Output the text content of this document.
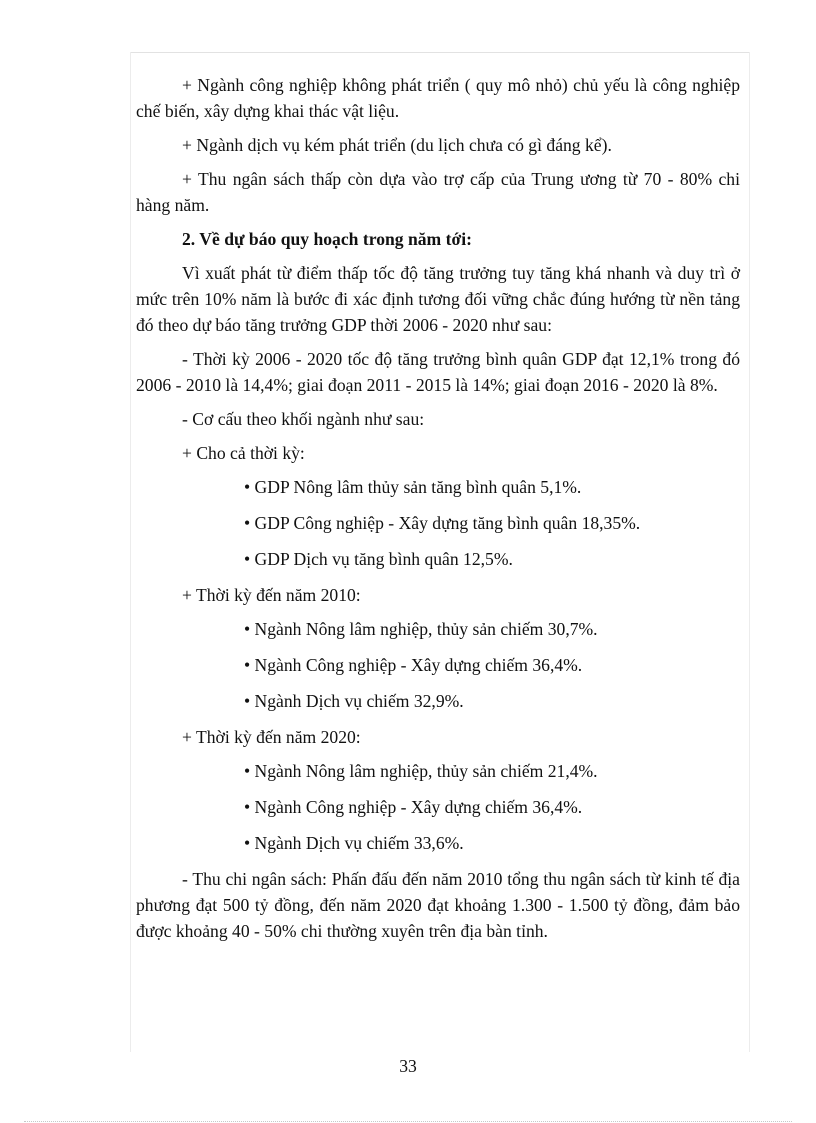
+ Ngành công nghiệp không phát triển ( quy mô nhỏ) chủ yếu là công nghiệp chế biến, xây dựng khai thác vật liệu.

+ Ngành dịch vụ kém phát triển (du lịch chưa có gì đáng kể).

+ Thu ngân sách thấp còn dựa vào trợ cấp của Trung ương từ 70 - 80% chi hàng năm.

2. Về dự báo quy hoạch trong năm tới:

Vì xuất phát từ điểm thấp tốc độ tăng trưởng tuy tăng khá nhanh và duy trì ở mức trên 10% năm là bước đi xác định tương đối vững chắc đúng hướng từ nền tảng đó theo dự báo tăng trưởng GDP thời 2006 - 2020 như sau:

- Thời kỳ 2006 - 2020 tốc độ tăng trưởng bình quân GDP đạt 12,1% trong đó 2006 - 2010 là 14,4%; giai đoạn 2011 - 2015 là 14%; giai đoạn 2016 - 2020 là 8%.

- Cơ cấu theo khối ngành như sau:

+ Cho cả thời kỳ:

• GDP Nông lâm thủy sản tăng bình quân 5,1%.

• GDP Công nghiệp - Xây dựng tăng bình quân 18,35%.

• GDP Dịch vụ tăng bình quân 12,5%.

+ Thời kỳ đến năm 2010:

• Ngành Nông lâm nghiệp, thủy sản chiếm 30,7%.

• Ngành Công nghiệp - Xây dựng chiếm 36,4%.

• Ngành Dịch vụ chiếm 32,9%.

+ Thời kỳ đến năm 2020:

• Ngành Nông lâm nghiệp, thủy sản chiếm 21,4%.

• Ngành Công nghiệp - Xây dựng chiếm 36,4%.

• Ngành Dịch vụ chiếm 33,6%.

- Thu chi ngân sách: Phấn đấu đến năm 2010 tổng thu ngân sách từ kinh tế địa phương đạt 500 tỷ đồng, đến năm 2020 đạt khoảng 1.300 - 1.500 tỷ đồng, đảm bảo được khoảng 40 - 50% chi thường xuyên trên địa bàn tỉnh.

33
